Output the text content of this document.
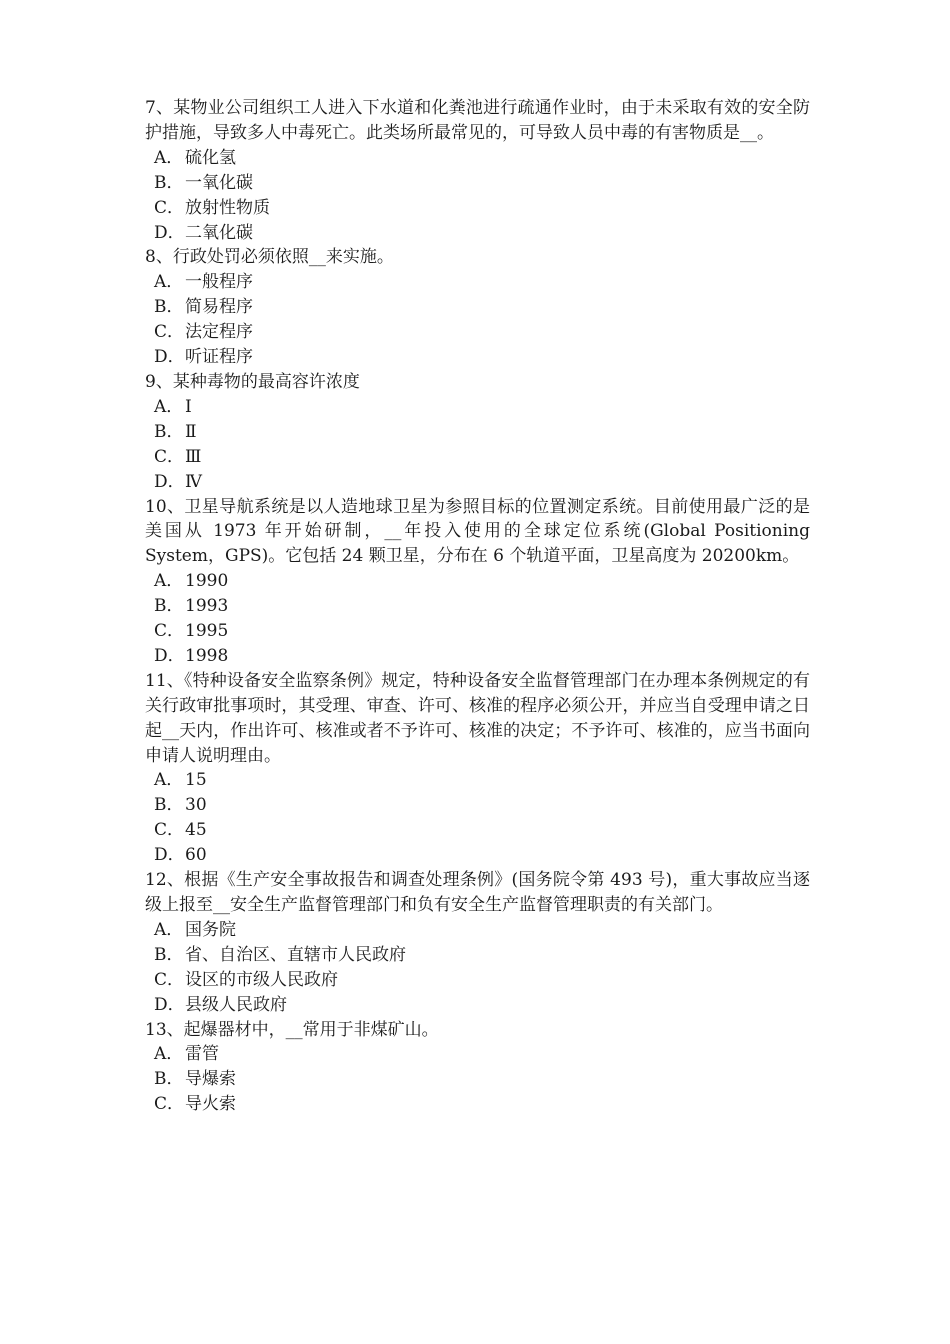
7、某物业公司组织工人进入下水道和化粪池进行疏通作业时，由于未采取有效的安全防护措施，导致多人中毒死亡。此类场所最常见的，可导致人员中毒的有害物质是__。
A． 硫化氢
B．一氧化碳
C．放射性物质
D．二氧化碳
8、行政处罚必须依照__来实施。
A． 一般程序
B．简易程序
C．法定程序
D．听证程序
9、某种毒物的最高容许浓度
A． Ⅰ
B．Ⅱ
C．Ⅲ
D．Ⅳ
10、卫星导航系统是以人造地球卫星为参照目标的位置测定系统。目前使用最广泛的是美国从 1973 年开始研制，__年投入使用的全球定位系统(Global Positioning System，GPS)。它包括 24 颗卫星，分布在 6 个轨道平面，卫星高度为 20200km。
A． 1990
B．1993
C．1995
D．1998
11、《特种设备安全监察条例》规定，特种设备安全监督管理部门在办理本条例规定的有关行政审批事项时，其受理、审查、许可、核准的程序必须公开，并应当自受理申请之日起__天内，作出许可、核准或者不予许可、核准的决定；不予许可、核准的，应当书面向申请人说明理由。
A． 15
B．30
C．45
D．60
12、根据《生产安全事故报告和调查处理条例》(国务院令第 493 号)，重大事故应当逐级上报至__安全生产监督管理部门和负有安全生产监督管理职责的有关部门。
A． 国务院
B．省、自治区、直辖市人民政府
C．设区的市级人民政府
D．县级人民政府
13、起爆器材中，__常用于非煤矿山。
A． 雷管
B．导爆索
C．导火索
